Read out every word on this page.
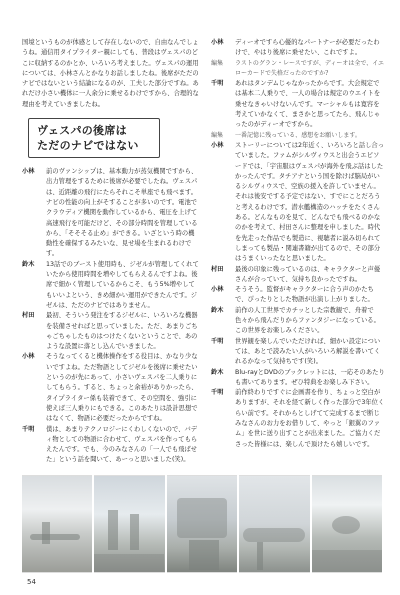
国境というものが体感として存在しないので、自由なんでしょうね。通信用タイプライター親にしても、普段はヴェスパのどこに収納するのかとか、いろいろ考えました。ヴェスパの運用については、小林さんとかなりお話しましたね。後席がただのナビではないという結論になるのが、工夫した部分ですね。あれだけ小さい機体に一人余分に乗せるわけですから、合理的な理由を考えていきましたね。

ヴェスパの後席は
ただのナビではない
小林	前のヴァンシップは、基本動力が蒸気機関ですから、出力管理をするために後席が必要でしたね。ヴェスパは、近距離の飛行にたらそれこそ単座でも飛べます。ナビの性能の向上がそすることが多いのです。電池でクラウディア機関を動作しているから、電圧を上げて高速飛行を可能だけど、その部分時間を管理しているから、「そそそる止め」ができる。いざという時の機動性を確保するみたいな、見せ場を生まれるわけです。
鈴木	13話でのブースト使用時も、ジゼルが管理してくれていたから使用時間を増やしてもらえるんですよね。後席で細かく管理しているからこそ、もう5%増やしてもいいよという、きめ細かい運用ができたんです。ジゼルは、ただのナビではありません。
村田	最初、そういう発注をするジゼルに、いろいろな機器を装備させればと思っていました。ただ、あまりごちゃごちゃしたものはつけたくないということで、あのような設置に落とし込んでいきました。
小林	そうなってくると機体操作をする役目は、かなり少ないですよね。ただ物語としてジゼルを後席に乗せたいというのが先にあって、小さいヴェスパを二人乗りにしてもらう。すると、ちょっと余裕がありかったら、タイプライター係も装着できて、その空間を、強引に使えば三人乗りにもできる。このあたりは設計思想ではなくて、物語に必要だったからですね。
千明	僕は、あまりテクノロジーにくわしくないので、バディ物としての物語に合わせて、ヴェスパを作ってもらえたんです。でも、今のみなさんの「一人でも飛ばせた」という話を聞いて、あーっと思いました(笑)。
小林	ディーオですら心優的なパートナーが必要だったわけで、やはり後席に乗せたい、これですよ。
編集	ラストのグラン・レースですが、ディーオは全で、イエローカードで失格だったのですか?
千明	あれはタンデムじゃなかったからです。大会規定では基本二人乗りで、一人の場合は規定のウエイトを乗せなきゃいけないんです。マーシャルもは寛容を考えていかなくて、まさかと思ってたら、飛んじゃったのがディーオですから。
編集	一番記憶に残っている、感想をお願いします。
小林	ストーリーについては2年近く、いろいろと話し合っていました。ファムがシルヴィウスと出会うエピソードでは、「宇宙服はヴェスパが海外を飛ぶ話はしたかったんです。タチアナという国を除けば脳局がいるシルヴィウスで、空族の援入を許していません。それは後安でする予定ではない、すでにことだろうと考えるわけです。潜水艦構造のハッチをたくさんある。どんなものを見て、どんなでも飛べるのかなのかを考えて、村田さんに整理を申しました。時代を先走った作品でも製造に、視聴者に説み切られてしまっても製品・関連書籍が出てるので、その部分はうまくいったなと思いました。
村田	最後の印象に残っているのは、キャラクターと声優さんが合っていて、気持ち良かったですね。
小林	そうそう。監督がキャラクターに合う声のかたちで、ぴったりとした物語が出演し上がりました。
鈴木	前作の人工世界でカチッとした宗教観で、舟着で色々から飛んだりからファンタジーになっている。この世界をお楽しみください。
千明	世界観を楽しんでいただければ、細かい設定については、あとで読みたい人がいろいろ解説を書いてくれるかなって気持ちです(笑)。
鈴木	Blu-rayとDVDのブックレットには、一応そのあたりも書いてあります。ぜひ特典をお楽しみ下さい。
千明	前作終わりですぐに企画書を作り、ちょっと空白がありますが、それを経て新しく作った部分で3年位くらい前です。それからとしげてて完成するまで断じみなさんのお力をお借りして、やっと「銀翼のファム」を世に送り出すことが出来ました。ご協力くださった皆様には、楽しんで頂けたら嬉しいです。
54
